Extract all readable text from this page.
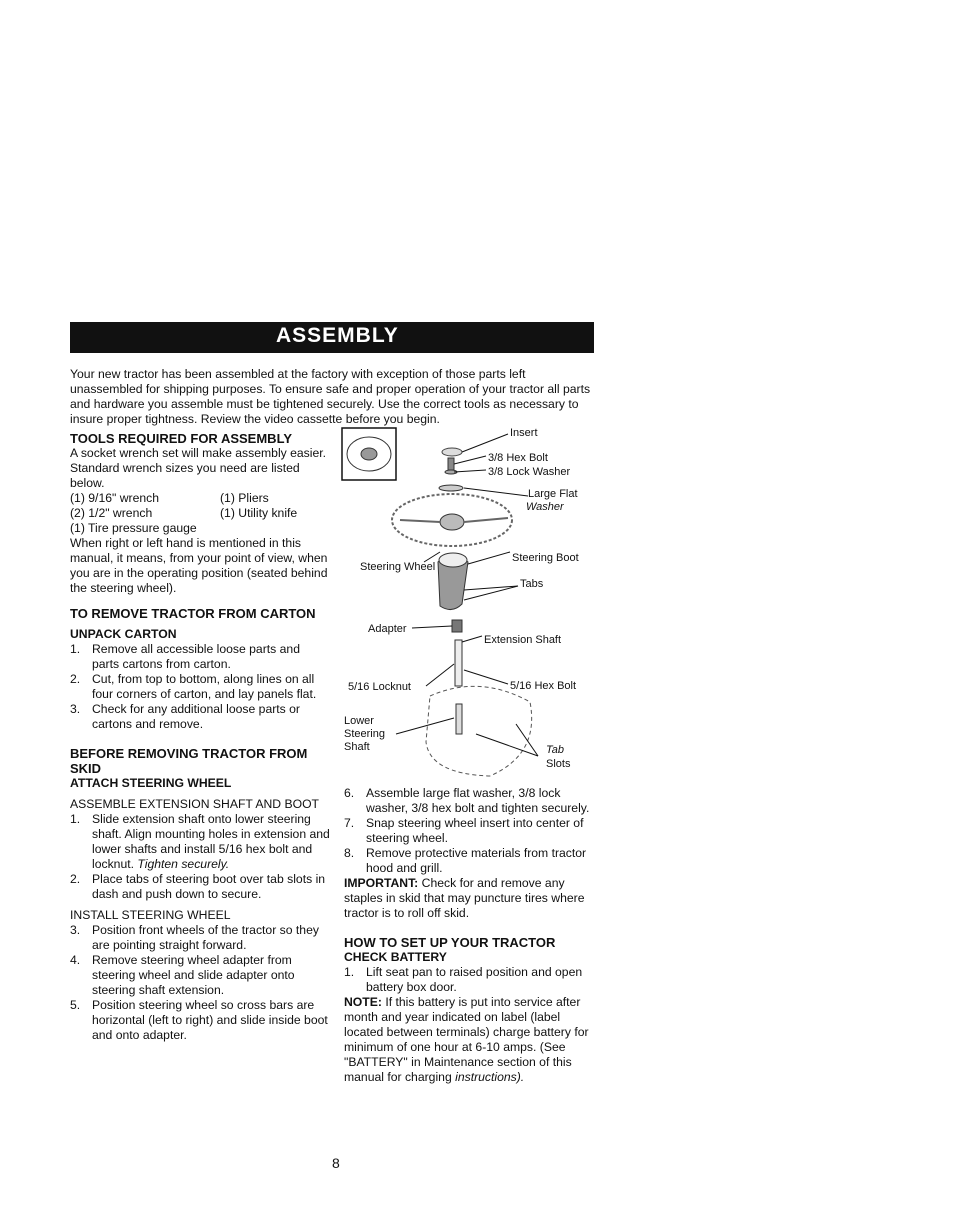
ASSEMBLY

Your new tractor has been assembled at the factory with exception of those parts left unassembled for shipping purposes. To ensure safe and proper operation of your tractor all parts and hardware you assemble must be tightened securely. Use the correct tools as necessary to insure proper tightness. Review the video cassette before you begin.

TOOLS REQUIRED FOR ASSEMBLY

A socket wrench set will make assembly easier. Standard wrench sizes you need are listed below.

(1) 9/16" wrench	(1) Pliers
(2) 1/2" wrench	(1) Utility knife

(1) Tire pressure gauge

When right or left hand is mentioned in this manual, it means, from your point of view, when you are in the operating position (seated behind the steering wheel).

TO REMOVE TRACTOR FROM CARTON

UNPACK CARTON

1. Remove all accessible loose parts and parts cartons from carton.
2. Cut, from top to bottom, along lines on all four corners of carton, and lay panels flat.
3. Check for any additional loose parts or cartons and remove.

BEFORE REMOVING TRACTOR FROM SKID

ATTACH STEERING WHEEL

ASSEMBLE EXTENSION SHAFT AND BOOT

1. Slide extension shaft onto lower steering shaft. Align mounting holes in extension and lower shafts and install 5/16 hex bolt and locknut. Tighten securely.
2. Place tabs of steering boot over tab slots in dash and push down to secure.

INSTALL STEERING WHEEL

3. Position front wheels of the tractor so they are pointing straight forward.
4. Remove steering wheel adapter from steering wheel and slide adapter onto steering shaft extension.
5. Position steering wheel so cross bars are horizontal (left to right) and slide inside boot and onto adapter.
Insert
3/8 Hex Bolt
3/8 Lock Washer
Large Flat
Washer
Steering Wheel
Steering Boot
Tabs
Adapter
Extension Shaft
5/16 Locknut	5/16 Hex Bolt
Lower
Steering
Shaft	Tab
Slots
6. Assemble large flat washer, 3/8 lock washer, 3/8 hex bolt and tighten securely.
7. Snap steering wheel insert into center of steering wheel.
8. Remove protective materials from tractor hood and grill.

IMPORTANT: Check for and remove any staples in skid that may puncture tires where tractor is to roll off skid.

HOW TO SET UP YOUR TRACTOR

CHECK BATTERY

1. Lift seat pan to raised position and open battery box door.

NOTE: If this battery is put into service after month and year indicated on label (label located between terminals) charge battery for minimum of one hour at 6-10 amps. (See "BATTERY" in Maintenance section of this manual for charging instructions).

8
